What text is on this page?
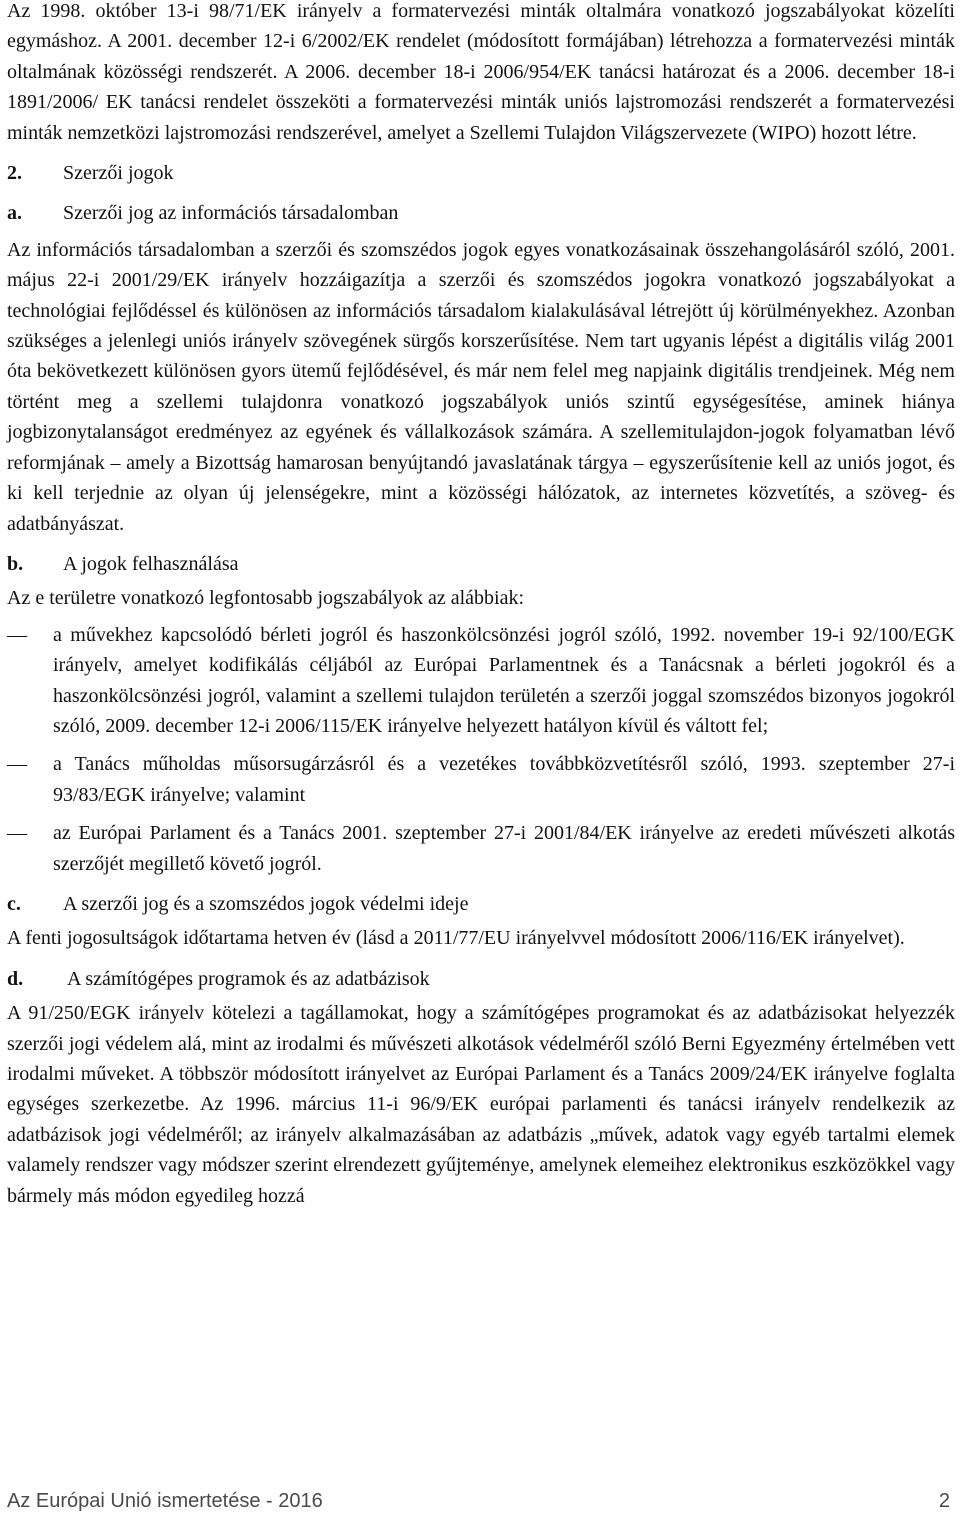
Az 1998. október 13-i 98/71/EK irányelv a formatervezési minták oltalmára vonatkozó jogszabályokat közelíti egymáshoz. A 2001. december 12-i 6/2002/EK rendelet (módosított formájában) létrehozza a formatervezési minták oltalmának közösségi rendszerét. A 2006. december 18-i 2006/954/EK tanácsi határozat és a 2006. december 18-i 1891/2006/ EK tanácsi rendelet összeköti a formatervezési minták uniós lajstromozási rendszerét a formatervezési minták nemzetközi lajstromozási rendszerével, amelyet a Szellemi Tulajdon Világszervezete (WIPO) hozott létre.

2. Szerzői jogok
a. Szerzői jog az információs társadalomban

Az információs társadalomban a szerzői és szomszédos jogok egyes vonatkozásainak összehangolásáról szóló, 2001. május 22-i 2001/29/EK irányelv hozzáigazítja a szerzői és szomszédos jogokra vonatkozó jogszabályokat a technológiai fejlődéssel és különösen az információs társadalom kialakulásával létrejött új körülményekhez. Azonban szükséges a jelenlegi uniós irányelv szövegének sürgős korszerűsítése. Nem tart ugyanis lépést a digitális világ 2001 óta bekövetkezett különösen gyors ütemű fejlődésével, és már nem felel meg napjaink digitális trendjeinek. Még nem történt meg a szellemi tulajdonra vonatkozó jogszabályok uniós szintű egységesítése, aminek hiánya jogbizonytalanságot eredményez az egyének és vállalkozások számára. A szellemitulajdon-jogok folyamatban lévő reformjának – amely a Bizottság hamarosan benyújtandó javaslatának tárgya – egyszerűsítenie kell az uniós jogot, és ki kell terjednie az olyan új jelenségekre, mint a közösségi hálózatok, az internetes közvetítés, a szöveg- és adatbányászat.

b. A jogok felhasználása

Az e területre vonatkozó legfontosabb jogszabályok az alábbiak:

—	a művekhez kapcsolódó bérleti jogról és haszonkölcsönzési jogról szóló, 1992. november 19-i 92/100/EGK irányelv, amelyet kodifikálás céljából az Európai Parlamentnek és a Tanácsnak a bérleti jogokról és a haszonkölcsönzési jogról, valamint a szellemi tulajdon területén a szerzői joggal szomszédos bizonyos jogokról szóló, 2009. december 12-i 2006/115/EK irányelve helyezett hatályon kívül és váltott fel;
—	a Tanács műholdas műsorsugárzásról és a vezetékes továbbközvetítésről szóló, 1993. szeptember 27-i 93/83/EGK irányelve; valamint
—	az Európai Parlament és a Tanács 2001. szeptember 27-i 2001/84/EK irányelve az eredeti művészeti alkotás szerzőjét megillető követő jogról.
c. A szerzői jog és a szomszédos jogok védelmi ideje

A fenti jogosultságok időtartama hetven év (lásd a 2011/77/EU irányelvvel módosított 2006/116/EK irányelvet).

d. A számítógépes programok és az adatbázisok

A 91/250/EGK irányelv kötelezi a tagállamokat, hogy a számítógépes programokat és az adatbázisokat helyezzék szerzői jogi védelem alá, mint az irodalmi és művészeti alkotások védelméről szóló Berni Egyezmény értelmében vett irodalmi műveket. A többször módosított irányelvet az Európai Parlament és a Tanács 2009/24/EK irányelve foglalta egységes szerkezetbe. Az 1996. március 11-i 96/9/EK európai parlamenti és tanácsi irányelv rendelkezik az adatbázisok jogi védelméről; az irányelv alkalmazásában az adatbázis „művek, adatok vagy egyéb tartalmi elemek valamely rendszer vagy módszer szerint elrendezett gyűjteménye, amelynek elemeihez elektronikus eszközökkel vagy bármely más módon egyedileg hozzá

Az Európai Unió ismertetése - 2016	2
